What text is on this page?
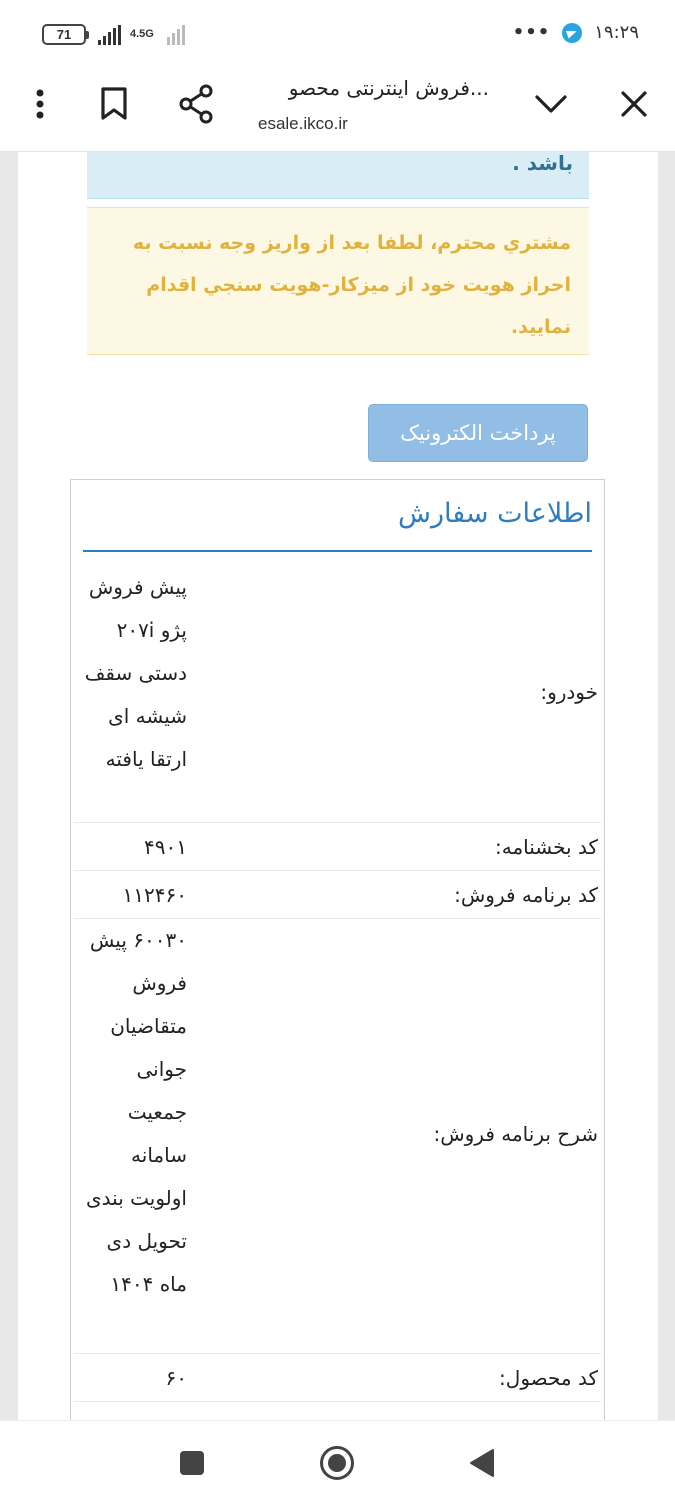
71	4.5G	••• ۱۹:۲۹
فروش اینترنتی محصو...
esale.ikco.ir
باشد .
مشتري محترم، لطفا بعد از واريز وجه نسبت به احراز هويت خود از ميزكار-هويت سنجي اقدام نماييد.
پرداخت الکترونیک
اطلاعات سفارش
خودرو:
پیش فروش پژو ۲۰۷i دستی سقف شیشه ای ارتقا یافته
کد بخشنامه:
۴۹۰۱
کد برنامه فروش:
۱۱۲۴۶۰
شرح برنامه فروش:
۶۰۰۳۰ پیش فروش متقاضیان جوانی جمعیت سامانه اولویت بندی تحویل دی ماه ۱۴۰۴
کد محصول:
۶۰
